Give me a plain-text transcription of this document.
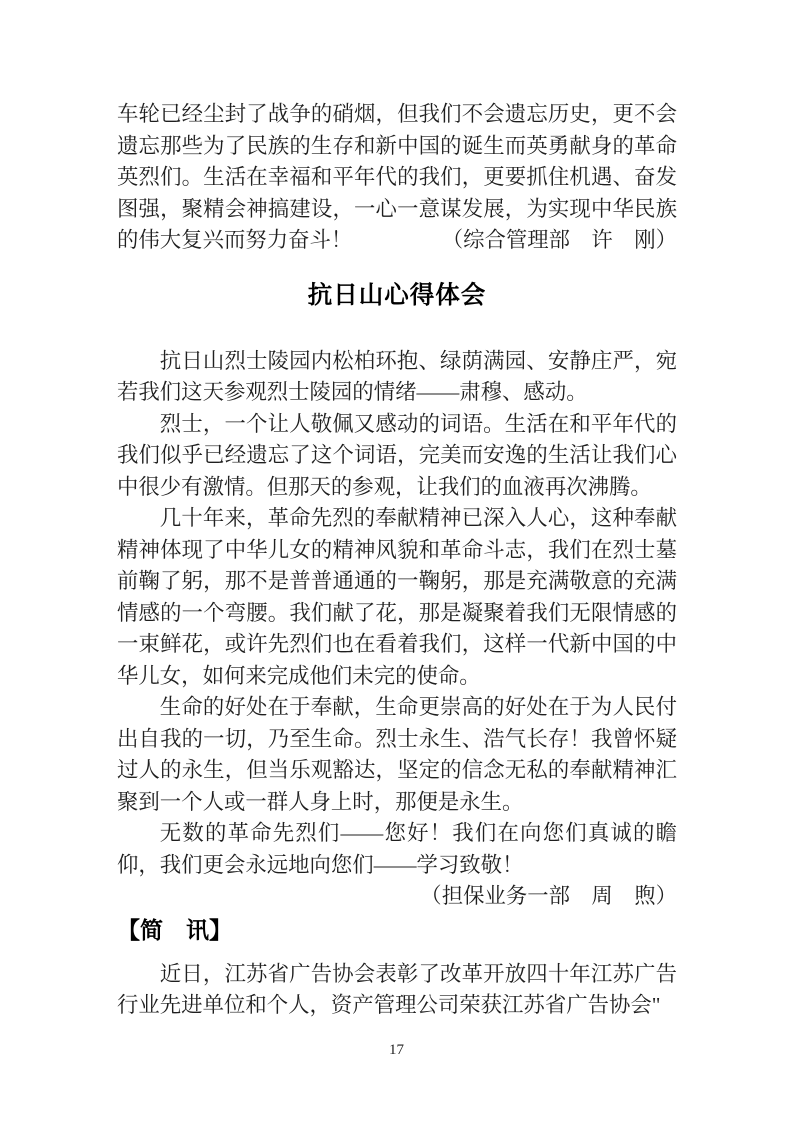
车轮已经尘封了战争的硝烟，但我们不会遗忘历史，更不会遗忘那些为了民族的生存和新中国的诞生而英勇献身的革命英烈们。生活在幸福和平年代的我们，更要抓住机遇、奋发图强，聚精会神搞建设，一心一意谋发展，为实现中华民族的伟大复兴而努力奋斗！	（综合管理部　许　刚）

抗日山心得体会

抗日山烈士陵园内松柏环抱、绿荫满园、安静庄严，宛若我们这天参观烈士陵园的情绪——肃穆、感动。

烈士，一个让人敬佩又感动的词语。生活在和平年代的我们似乎已经遗忘了这个词语，完美而安逸的生活让我们心中很少有激情。但那天的参观，让我们的血液再次沸腾。

几十年来，革命先烈的奉献精神已深入人心，这种奉献精神体现了中华儿女的精神风貌和革命斗志，我们在烈士墓前鞠了躬，那不是普普通通的一鞠躬，那是充满敬意的充满情感的一个弯腰。我们献了花，那是凝聚着我们无限情感的一束鲜花，或许先烈们也在看着我们，这样一代新中国的中华儿女，如何来完成他们未完的使命。

生命的好处在于奉献，生命更崇高的好处在于为人民付出自我的一切，乃至生命。烈士永生、浩气长存！我曾怀疑过人的永生，但当乐观豁达，坚定的信念无私的奉献精神汇聚到一个人或一群人身上时，那便是永生。

无数的革命先烈们——您好！我们在向您们真诚的瞻仰，我们更会永远地向您们——学习致敬！

（担保业务一部　周　煦）

【简　讯】

近日，江苏省广告协会表彰了改革开放四十年江苏广告行业先进单位和个人，资产管理公司荣获江苏省广告协会"

17
